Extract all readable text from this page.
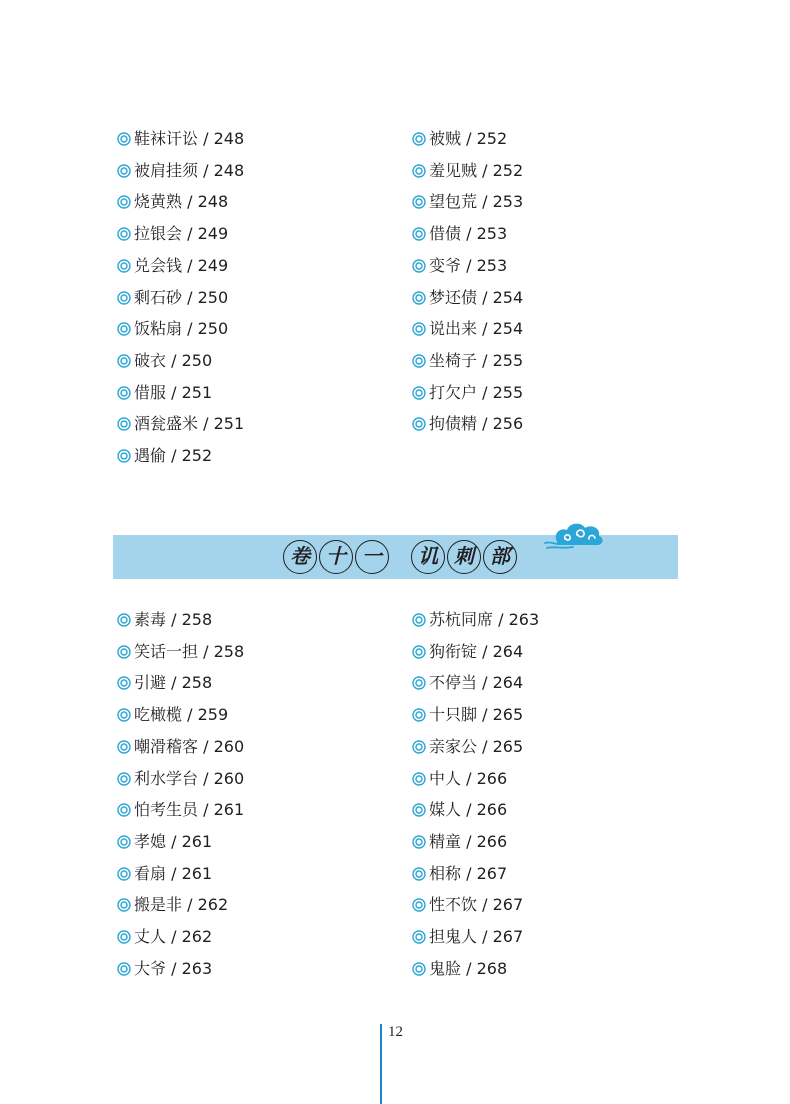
鞋袜讦讼 / 248
被肩挂须 / 248
烧黄熟 / 248
拉银会 / 249
兑会钱 / 249
剩石砂 / 250
饭粘扇 / 250
破衣 / 250
借服 / 251
酒瓮盛米 / 251
遇偷 / 252
被贼 / 252
羞见贼 / 252
望包荒 / 253
借债 / 253
变爷 / 253
梦还债 / 254
说出来 / 254
坐椅子 / 255
打欠户 / 255
拘债精 / 256
卷 十 一	讥 刺 部
素毒 / 258
笑话一担 / 258
引避 / 258
吃橄榄 / 259
嘲滑稽客 / 260
利水学台 / 260
怕考生员 / 261
孝媳 / 261
看扇 / 261
搬是非 / 262
丈人 / 262
大爷 / 263
苏杭同席 / 263
狗衔锭 / 264
不停当 / 264
十只脚 / 265
亲家公 / 265
中人 / 266
媒人 / 266
精童 / 266
相称 / 267
性不饮 / 267
担鬼人 / 267
鬼脸 / 268
12
